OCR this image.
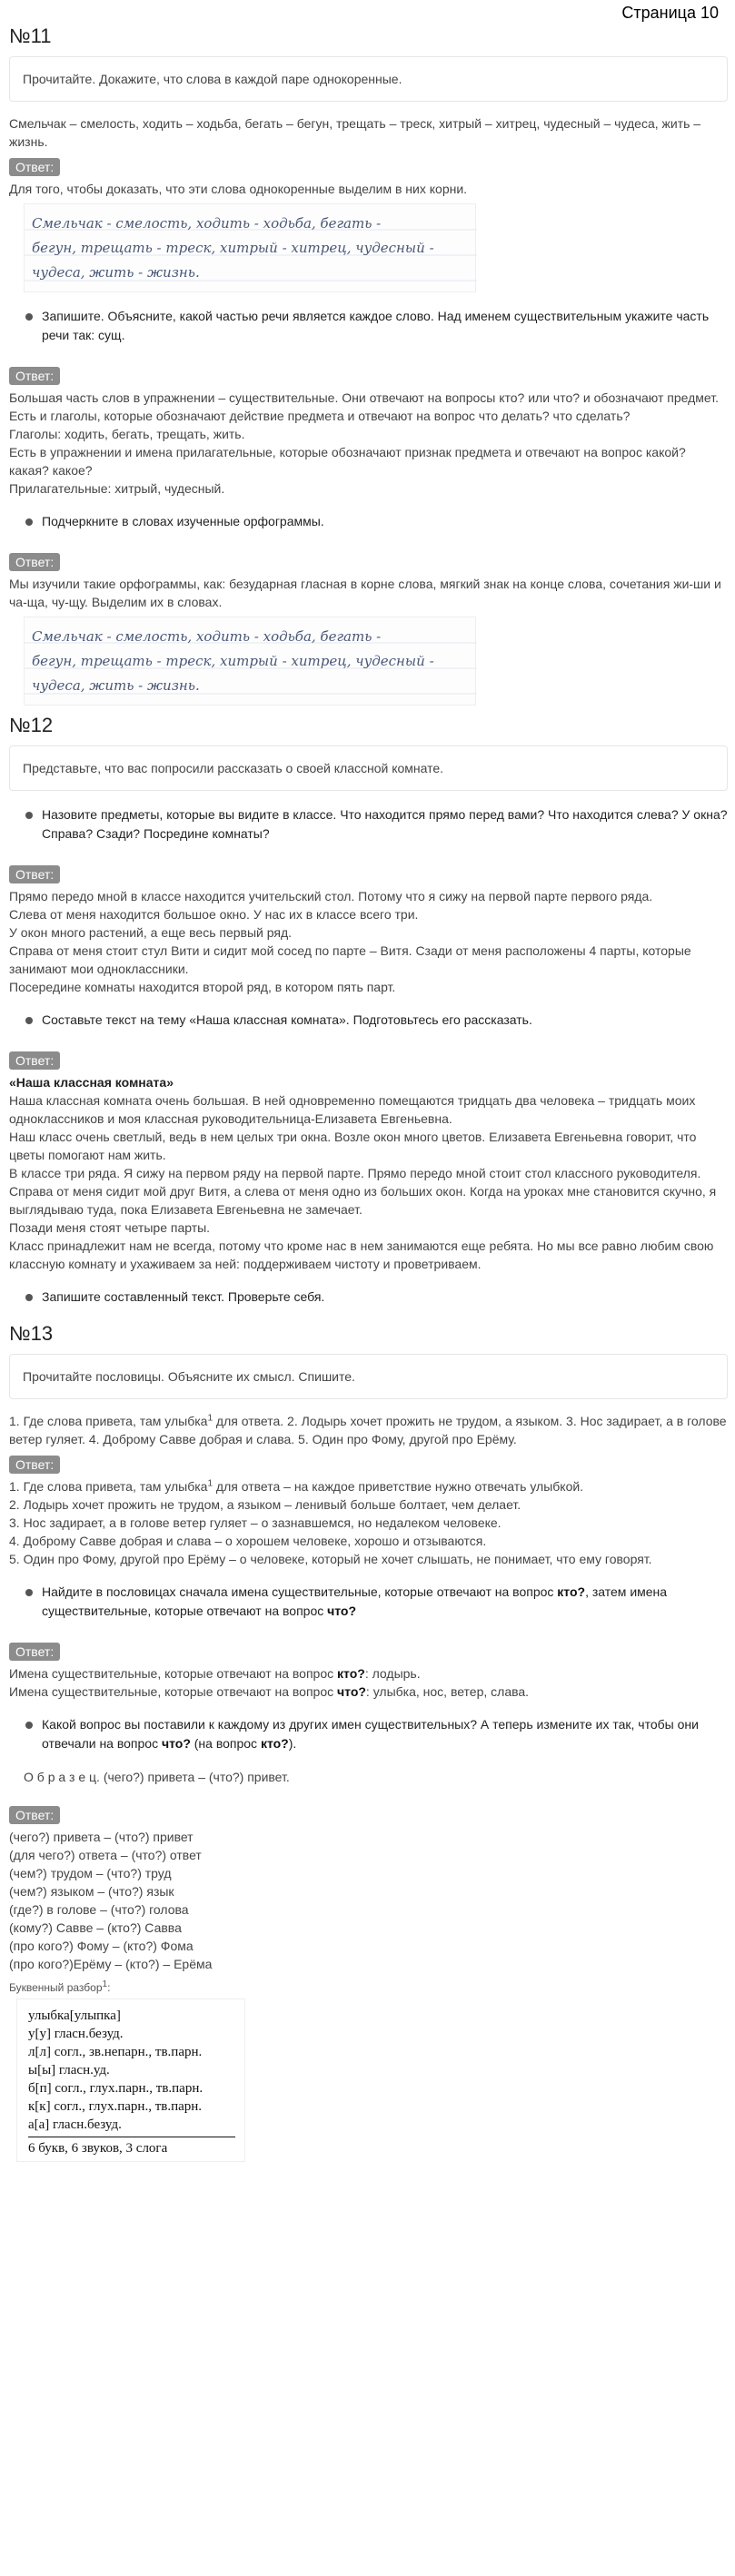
Страница 10
№11
Прочитайте. Докажите, что слова в каждой паре однокоренные.

Смельчак – смелость, ходить – ходьба, бегать – бегун, трещать – треск, хитрый – хитрец, чудесный – чудеса, жить – жизнь.

Ответ:

Для того, чтобы доказать, что эти слова однокоренные выделим в них корни.

Смельчак - смелость, ходить - ходьба, бегать -
бегун, трещать - треск, хитрый - хитрец, чудесный -
чудеса, жить - жизнь.
Запишите. Объясните, какой частью речи является каждое слово. Над именем существительным укажите часть речи так: сущ.
Ответ:

Большая часть слов в упражнении – существительные. Они отвечают на вопросы кто? или что? и обозначают предмет. Есть и глаголы, которые обозначают действие предмета и отвечают на вопрос что делать? что сделать?

Глаголы: ходить, бегать, трещать, жить.

Есть в упражнении и имена прилагательные, которые обозначают признак предмета и отвечают на вопрос какой? какая? какое?

Прилагательные: хитрый, чудесный.

Подчеркните в словах изученные орфограммы.
Ответ:

Мы изучили такие орфограммы, как: безударная гласная в корне слова, мягкий знак на конце слова, сочетания жи-ши и ча-ща, чу-щу. Выделим их в словах.

Смельчак - смелость, ходить - ходьба, бегать -
бегун, трещать - треск, хитрый - хитрец, чудесный -
чудеса, жить - жизнь.
№12
Представьте, что вас попросили рассказать о своей классной комнате.
Назовите предметы, которые вы видите в классе. Что находится прямо перед вами? Что находится слева? У окна? Справа? Сзади? Посредине комнаты?
Ответ:

Прямо передо мной в классе находится учительский стол. Потому что я сижу на первой парте первого ряда.

Слева от меня находится большое окно. У нас их в классе всего три.

У окон много растений, а еще весь первый ряд.

Справа от меня стоит стул Вити и сидит мой сосед по парте – Витя. Сзади от меня расположены 4 парты, которые занимают мои одноклассники.

Посередине комнаты находится второй ряд, в котором пять парт.

Составьте текст на тему «Наша классная комната». Подготовьтесь его рассказать.
Ответ:

«Наша классная комната»

Наша классная комната очень большая. В ней одновременно помещаются тридцать два человека – тридцать моих одноклассников и моя классная руководительница-Елизавета Евгеньевна.

Наш класс очень светлый, ведь в нем целых три окна. Возле окон много цветов. Елизавета Евгеньевна говорит, что цветы помогают нам жить.

В классе три ряда. Я сижу на первом ряду на первой парте. Прямо передо мной стоит стол классного руководителя. Справа от меня сидит мой друг Витя, а слева от меня одно из больших окон. Когда на уроках мне становится скучно, я выглядываю туда, пока Елизавета Евгеньевна не замечает.

Позади меня стоят четыре парты.

Класс принадлежит нам не всегда, потому что кроме нас в нем занимаются еще ребята. Но мы все равно любим свою классную комнату и ухаживаем за ней: поддерживаем чистоту и проветриваем.

Запишите составленный текст. Проверьте себя.
№13
Прочитайте пословицы. Объясните их смысл. Спишите.

1. Где слова привета, там улыбка$^1$ для ответа. 2. Лодырь хочет прожить не трудом, а языком. 3. Нос задирает, а в голове ветер гуляет. 4. Доброму Савве добрая и слава. 5. Один про Фому, другой про Ерёму.

Ответ:

1. Где слова привета, там улыбка$^1$ для ответа – на каждое приветствие нужно отвечать улыбкой.

2. Лодырь хочет прожить не трудом, а языком – ленивый больше болтает, чем делает.

3. Нос задирает, а в голове ветер гуляет – о зазнавшемся, но недалеком человеке.

4. Доброму Савве добрая и слава – о хорошем человеке, хорошо и отзываются.

5. Один про Фому, другой про Ерёму – о человеке, который не хочет слышать, не понимает, что ему говорят.

Найдите в пословицах сначала имена существительные, которые отвечают на вопрос кто?, затем имена существительные, которые отвечают на вопрос что?
Ответ:

Имена существительные, которые отвечают на вопрос кто?: лодырь.

Имена существительные, которые отвечают на вопрос что?: улыбка, нос, ветер, слава.

Какой вопрос вы поставили к каждому из других имен существительных? А теперь измените их так, чтобы они отвечали на вопрос что? (на вопрос кто?).

О б р а з е ц. (чего?) привета – (что?) привет.

Ответ:

(чего?) привета – (что?) привет

(для чего?) ответа – (что?) ответ

(чем?) трудом – (что?) труд

(чем?) языком – (что?) язык

(где?) в голове – (что?) голова

(кому?) Савве – (кто?) Савва

(про кого?) Фому – (кто?) Фома

(про кого?)Ерёму – (кто?) – Ерёма

Буквенный разбор$^1$:
улыбка[улыпка]
у[у] гласн.безуд.
л[л] согл., зв.непарн., тв.парн.
ы[ы] гласн.уд.
б[п] согл., глух.парн., тв.парн.
к[к] согл., глух.парн., тв.парн.
а[а] гласн.безуд.
6 букв, 6 звуков, 3 слога
